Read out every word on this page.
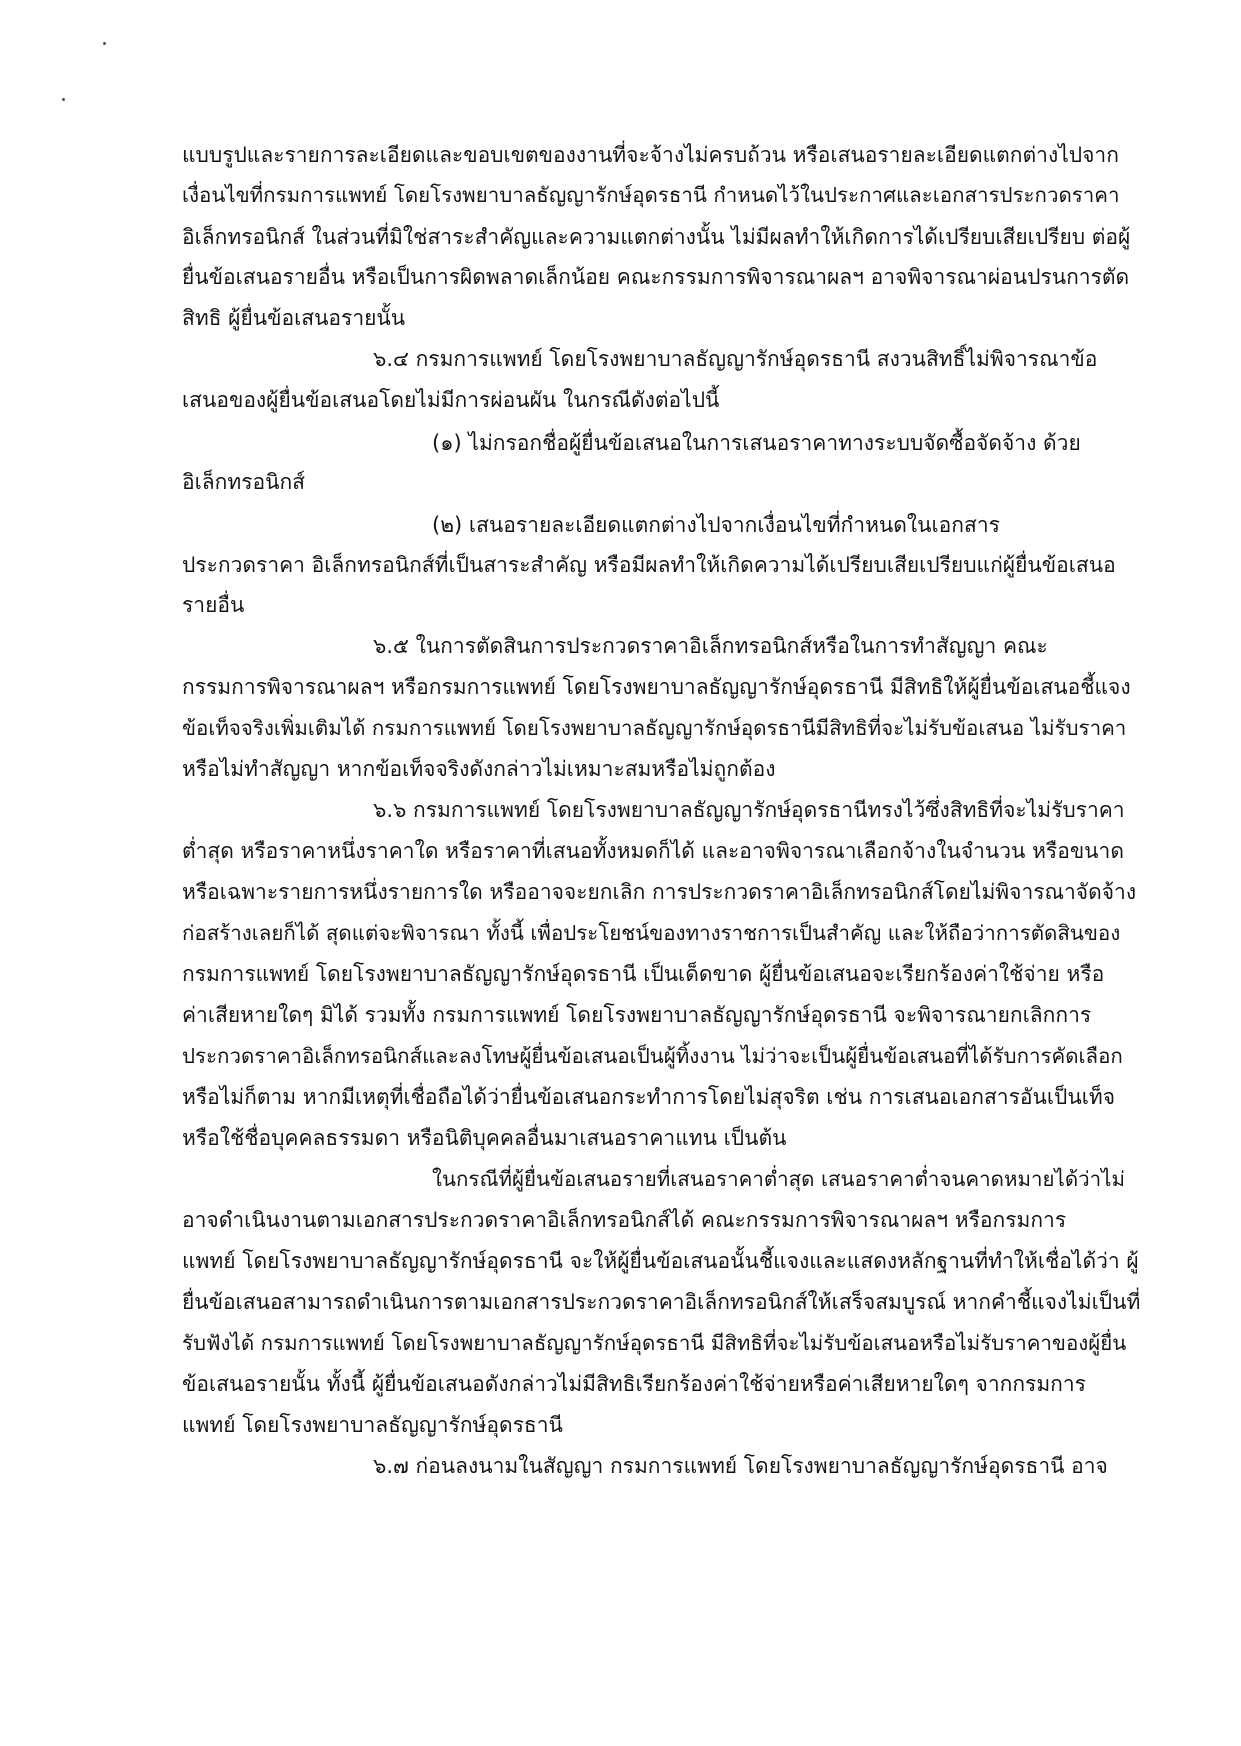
แบบรูปและรายการละเอียดและขอบเขตของงานที่จะจ้างไม่ครบถ้วน หรือเสนอรายละเอียดแตกต่างไปจาก
เงื่อนไขที่กรมการแพทย์ โดยโรงพยาบาลธัญญารักษ์อุดรธานี กำหนดไว้ในประกาศและเอกสารประกวดราคา
อิเล็กทรอนิกส์ ในส่วนที่มิใช่สาระสำคัญและความแตกต่างนั้น ไม่มีผลทำให้เกิดการได้เปรียบเสียเปรียบ ต่อผู้
ยื่นข้อเสนอรายอื่น หรือเป็นการผิดพลาดเล็กน้อย คณะกรรมการพิจารณาผลฯ อาจพิจารณาผ่อนปรนการตัด
สิทธิ ผู้ยื่นข้อเสนอรายนั้น
๖.๔ กรมการแพทย์ โดยโรงพยาบาลธัญญารักษ์อุดรธานี สงวนสิทธิ์ไม่พิจารณาข้อ
เสนอของผู้ยื่นข้อเสนอโดยไม่มีการผ่อนผัน ในกรณีดังต่อไปนี้
(๑) ไม่กรอกชื่อผู้ยื่นข้อเสนอในการเสนอราคาทางระบบจัดซื้อจัดจ้าง ด้วย
อิเล็กทรอนิกส์
(๒) เสนอรายละเอียดแตกต่างไปจากเงื่อนไขที่กำหนดในเอกสาร
ประกวดราคา อิเล็กทรอนิกส์ที่เป็นสาระสำคัญ หรือมีผลทำให้เกิดความได้เปรียบเสียเปรียบแก่ผู้ยื่นข้อเสนอ
รายอื่น
๖.๕ ในการตัดสินการประกวดราคาอิเล็กทรอนิกส์หรือในการทำสัญญา คณะ
กรรมการพิจารณาผลฯ หรือกรมการแพทย์ โดยโรงพยาบาลธัญญารักษ์อุดรธานี มีสิทธิให้ผู้ยื่นข้อเสนอชี้แจง
ข้อเท็จจริงเพิ่มเติมได้ กรมการแพทย์ โดยโรงพยาบาลธัญญารักษ์อุดรธานีมีสิทธิที่จะไม่รับข้อเสนอ ไม่รับราคา
หรือไม่ทำสัญญา หากข้อเท็จจริงดังกล่าวไม่เหมาะสมหรือไม่ถูกต้อง
๖.๖ กรมการแพทย์ โดยโรงพยาบาลธัญญารักษ์อุดรธานีทรงไว้ซึ่งสิทธิที่จะไม่รับราคา
ต่ำสุด หรือราคาหนึ่งราคาใด หรือราคาที่เสนอทั้งหมดก็ได้ และอาจพิจารณาเลือกจ้างในจำนวน หรือขนาด
หรือเฉพาะรายการหนึ่งรายการใด หรืออาจจะยกเลิก การประกวดราคาอิเล็กทรอนิกส์โดยไม่พิจารณาจัดจ้าง
ก่อสร้างเลยก็ได้ สุดแต่จะพิจารณา ทั้งนี้ เพื่อประโยชน์ของทางราชการเป็นสำคัญ และให้ถือว่าการตัดสินของ
กรมการแพทย์ โดยโรงพยาบาลธัญญารักษ์อุดรธานี เป็นเด็ดขาด ผู้ยื่นข้อเสนอจะเรียกร้องค่าใช้จ่าย หรือ
ค่าเสียหายใดๆ มิได้ รวมทั้ง กรมการแพทย์ โดยโรงพยาบาลธัญญารักษ์อุดรธานี จะพิจารณายกเลิกการ
ประกวดราคาอิเล็กทรอนิกส์และลงโทษผู้ยื่นข้อเสนอเป็นผู้ทิ้งงาน ไม่ว่าจะเป็นผู้ยื่นข้อเสนอที่ได้รับการคัดเลือก
หรือไม่ก็ตาม หากมีเหตุที่เชื่อถือได้ว่ายื่นข้อเสนอกระทำการโดยไม่สุจริต เช่น การเสนอเอกสารอันเป็นเท็จ
หรือใช้ชื่อบุคคลธรรมดา หรือนิติบุคคลอื่นมาเสนอราคาแทน เป็นต้น
ในกรณีที่ผู้ยื่นข้อเสนอรายที่เสนอราคาต่ำสุด เสนอราคาต่ำจนคาดหมายได้ว่าไม่
อาจดำเนินงานตามเอกสารประกวดราคาอิเล็กทรอนิกส์ได้ คณะกรรมการพิจารณาผลฯ หรือกรมการ
แพทย์ โดยโรงพยาบาลธัญญารักษ์อุดรธานี จะให้ผู้ยื่นข้อเสนอนั้นชี้แจงและแสดงหลักฐานที่ทำให้เชื่อได้ว่า ผู้
ยื่นข้อเสนอสามารถดำเนินการตามเอกสารประกวดราคาอิเล็กทรอนิกส์ให้เสร็จสมบูรณ์ หากคำชี้แจงไม่เป็นที่
รับฟังได้ กรมการแพทย์ โดยโรงพยาบาลธัญญารักษ์อุดรธานี มีสิทธิที่จะไม่รับข้อเสนอหรือไม่รับราคาของผู้ยื่น
ข้อเสนอรายนั้น ทั้งนี้ ผู้ยื่นข้อเสนอดังกล่าวไม่มีสิทธิเรียกร้องค่าใช้จ่ายหรือค่าเสียหายใดๆ จากกรมการ
แพทย์ โดยโรงพยาบาลธัญญารักษ์อุดรธานี
๖.๗ ก่อนลงนามในสัญญา กรมการแพทย์ โดยโรงพยาบาลธัญญารักษ์อุดรธานี อาจ
